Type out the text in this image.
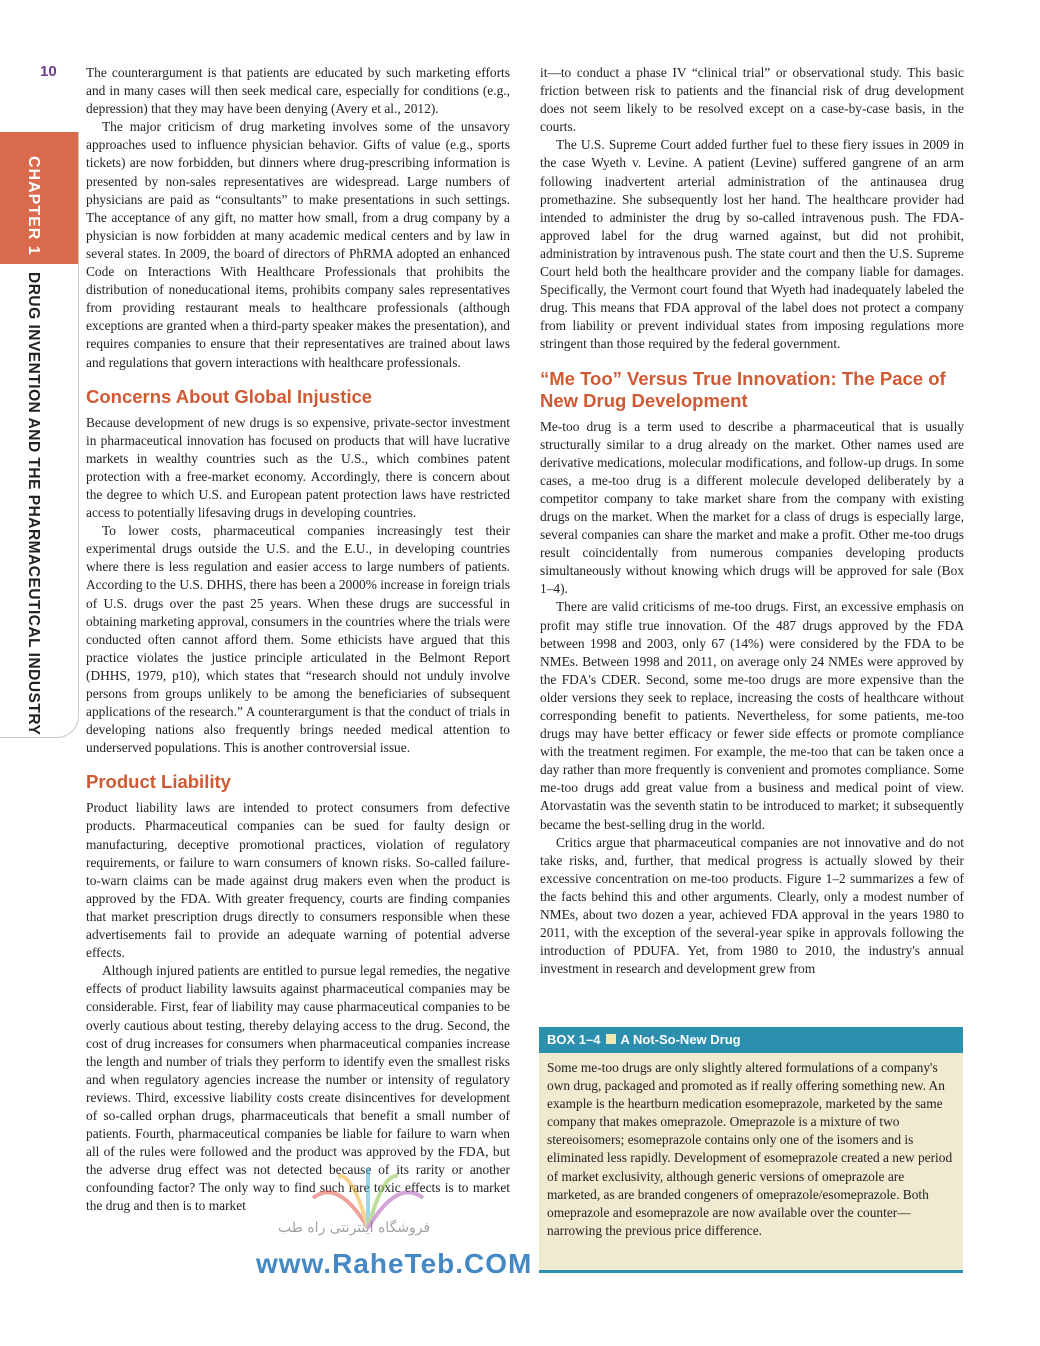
10
CHAPTER 1
DRUG INVENTION AND THE PHARMACEUTICAL INDUSTRY

The counterargument is that patients are educated by such marketing efforts and in many cases will then seek medical care, especially for conditions (e.g., depression) that they may have been denying (Avery et al., 2012).

The major criticism of drug marketing involves some of the unsavory approaches used to influence physician behavior. Gifts of value (e.g., sports tickets) are now forbidden, but dinners where drug-prescribing information is presented by non-sales representatives are widespread. Large numbers of physicians are paid as “consultants” to make presentations in such settings. The acceptance of any gift, no matter how small, from a drug company by a physician is now forbidden at many academic medical centers and by law in several states. In 2009, the board of directors of PhRMA adopted an enhanced Code on Interactions With Healthcare Professionals that prohibits the distribution of noneducational items, prohibits company sales representatives from providing restaurant meals to healthcare professionals (although exceptions are granted when a third-party speaker makes the presentation), and requires companies to ensure that their representatives are trained about laws and regulations that govern interactions with healthcare professionals.

Concerns About Global Injustice

Because development of new drugs is so expensive, private-sector investment in pharmaceutical innovation has focused on products that will have lucrative markets in wealthy countries such as the U.S., which combines patent protection with a free-market economy. Accordingly, there is concern about the degree to which U.S. and European patent protection laws have restricted access to potentially lifesaving drugs in developing countries.

To lower costs, pharmaceutical companies increasingly test their experimental drugs outside the U.S. and the E.U., in developing countries where there is less regulation and easier access to large numbers of patients. According to the U.S. DHHS, there has been a 2000% increase in foreign trials of U.S. drugs over the past 25 years. When these drugs are successful in obtaining marketing approval, consumers in the countries where the trials were conducted often cannot afford them. Some ethicists have argued that this practice violates the justice principle articulated in the Belmont Report (DHHS, 1979, p10), which states that “research should not unduly involve persons from groups unlikely to be among the beneficiaries of subsequent applications of the research.” A counterargument is that the conduct of trials in developing nations also frequently brings needed medical attention to underserved populations. This is another controversial issue.

Product Liability

Product liability laws are intended to protect consumers from defective products. Pharmaceutical companies can be sued for faulty design or manufacturing, deceptive promotional practices, violation of regulatory requirements, or failure to warn consumers of known risks. So-called failure-to-warn claims can be made against drug makers even when the product is approved by the FDA. With greater frequency, courts are finding companies that market prescription drugs directly to consumers responsible when these advertisements fail to provide an adequate warning of potential adverse effects.

Although injured patients are entitled to pursue legal remedies, the negative effects of product liability lawsuits against pharmaceutical companies may be considerable. First, fear of liability may cause pharmaceutical companies to be overly cautious about testing, thereby delaying access to the drug. Second, the cost of drug increases for consumers when pharmaceutical companies increase the length and number of trials they perform to identify even the smallest risks and when regulatory agencies increase the number or intensity of regulatory reviews. Third, excessive liability costs create disincentives for development of so-called orphan drugs, pharmaceuticals that benefit a small number of patients. Fourth, pharmaceutical companies be liable for failure to warn when all of the rules were followed and the product was approved by the FDA, but the adverse drug effect was not detected because of its rarity or another confounding factor? The only way to find such rare toxic effects is to market the drug and then is to market

it—to conduct a phase IV “clinical trial” or observational study. This basic friction between risk to patients and the financial risk of drug development does not seem likely to be resolved except on a case-by-case basis, in the courts.

The U.S. Supreme Court added further fuel to these fiery issues in 2009 in the case Wyeth v. Levine. A patient (Levine) suffered gangrene of an arm following inadvertent arterial administration of the antinausea drug promethazine. She subsequently lost her hand. The healthcare provider had intended to administer the drug by so-called intravenous push. The FDA-approved label for the drug warned against, but did not prohibit, administration by intravenous push. The state court and then the U.S. Supreme Court held both the healthcare provider and the company liable for damages. Specifically, the Vermont court found that Wyeth had inadequately labeled the drug. This means that FDA approval of the label does not protect a company from liability or prevent individual states from imposing regulations more stringent than those required by the federal government.

“Me Too” Versus True Innovation: The Pace of New Drug Development

Me-too drug is a term used to describe a pharmaceutical that is usually structurally similar to a drug already on the market. Other names used are derivative medications, molecular modifications, and follow-up drugs. In some cases, a me-too drug is a different molecule developed deliberately by a competitor company to take market share from the company with existing drugs on the market. When the market for a class of drugs is especially large, several companies can share the market and make a profit. Other me-too drugs result coincidentally from numerous companies developing products simultaneously without knowing which drugs will be approved for sale (Box 1–4).

There are valid criticisms of me-too drugs. First, an excessive emphasis on profit may stifle true innovation. Of the 487 drugs approved by the FDA between 1998 and 2003, only 67 (14%) were considered by the FDA to be NMEs. Between 1998 and 2011, on average only 24 NMEs were approved by the FDA's CDER. Second, some me-too drugs are more expensive than the older versions they seek to replace, increasing the costs of healthcare without corresponding benefit to patients. Nevertheless, for some patients, me-too drugs may have better efficacy or fewer side effects or promote compliance with the treatment regimen. For example, the me-too that can be taken once a day rather than more frequently is convenient and promotes compliance. Some me-too drugs add great value from a business and medical point of view. Atorvastatin was the seventh statin to be introduced to market; it subsequently became the best-selling drug in the world.

Critics argue that pharmaceutical companies are not innovative and do not take risks, and, further, that medical progress is actually slowed by their excessive concentration on me-too products. Figure 1–2 summarizes a few of the facts behind this and other arguments. Clearly, only a modest number of NMEs, about two dozen a year, achieved FDA approval in the years 1980 to 2011, with the exception of the several-year spike in approvals following the introduction of PDUFA. Yet, from 1980 to 2010, the industry's annual investment in research and development grew from

BOX 1–4 A Not-So-New Drug
Some me-too drugs are only slightly altered formulations of a company's own drug, packaged and promoted as if really offering something new. An example is the heartburn medication esomeprazole, marketed by the same company that makes omeprazole. Omeprazole is a mixture of two stereoisomers; esomeprazole contains only one of the isomers and is eliminated less rapidly. Development of esomeprazole created a new period of market exclusivity, although generic versions of omeprazole are marketed, as are branded congeners of omeprazole/esomeprazole. Both omeprazole and esomeprazole are now available over the counter—narrowing the previous price difference.
فروشگاه اینترنتی راه طب
www.RaheTeb.COM
